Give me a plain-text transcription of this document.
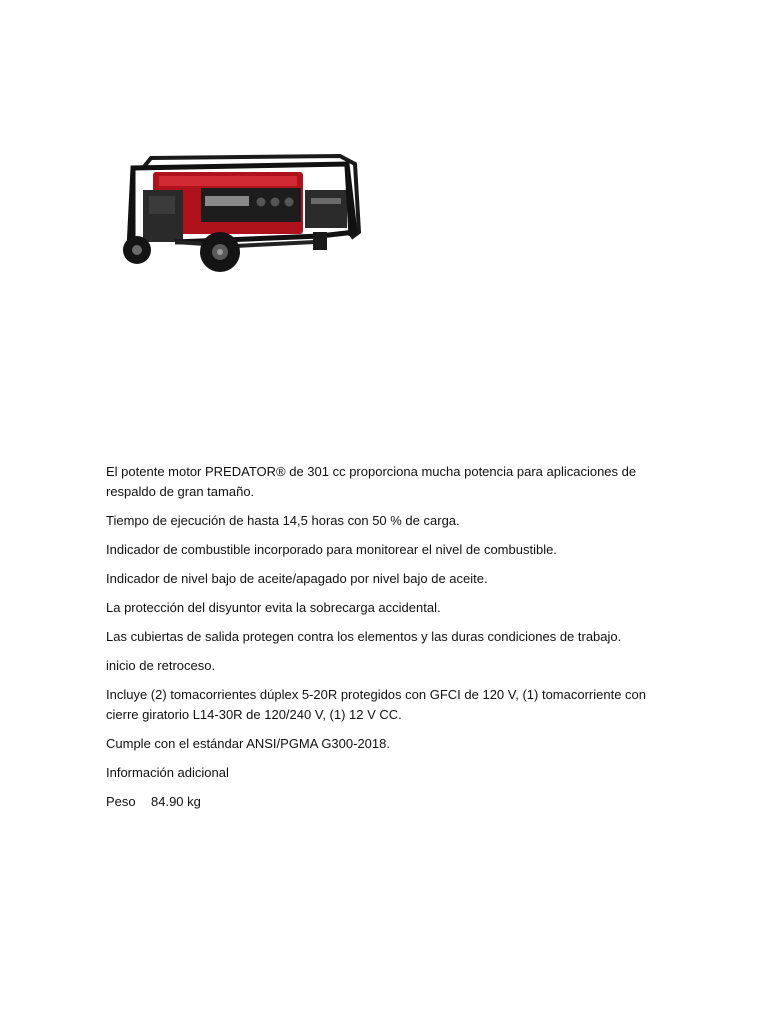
El potente motor PREDATOR® de 301 cc proporciona mucha potencia para aplicaciones de respaldo de gran tamaño.

Tiempo de ejecución de hasta 14,5 horas con 50 % de carga.

Indicador de combustible incorporado para monitorear el nivel de combustible.

Indicador de nivel bajo de aceite/apagado por nivel bajo de aceite.

La protección del disyuntor evita la sobrecarga accidental.

Las cubiertas de salida protegen contra los elementos y las duras condiciones de trabajo.

inicio de retroceso.

Incluye (2) tomacorrientes dúplex 5-20R protegidos con GFCI de 120 V, (1) tomacorriente con cierre giratorio L14-30R de 120/240 V, (1) 12 V CC.

Cumple con el estándar ANSI/PGMA G300-2018.

Información adicional

Peso	84.90 kg
